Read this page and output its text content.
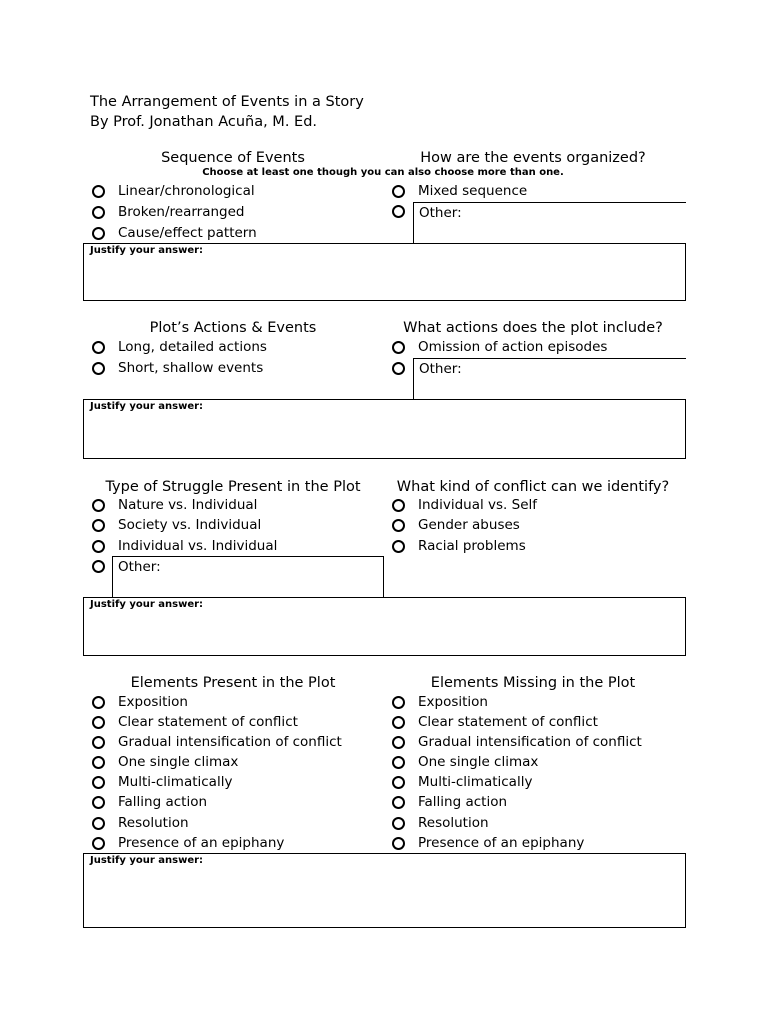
The Arrangement of Events in a Story
By Prof. Jonathan Acuña, M. Ed.
Sequence of Events	How are the events organized?
Choose at least one though you can also choose more than one.
Linear/chronological
Broken/rearranged
Cause/effect pattern
Mixed sequence
Other:
Justify your answer:
Plot’s Actions & Events	What actions does the plot include?
Long, detailed actions
Short, shallow events
Omission of action episodes
Other:
Justify your answer:
Type of Struggle Present in the Plot What kind of conflict can we identify?
Nature vs. Individual
Society vs. Individual
Individual vs. Individual
Other:
Individual vs. Self
Gender abuses
Racial problems
Justify your answer:
Elements Present in the Plot	Elements Missing in the Plot
Exposition
Clear statement of conflict
Gradual intensification of conflict
One single climax
Multi-climatically
Falling action
Resolution
Presence of an epiphany
Exposition
Clear statement of conflict
Gradual intensification of conflict
One single climax
Multi-climatically
Falling action
Resolution
Presence of an epiphany
Justify your answer:
